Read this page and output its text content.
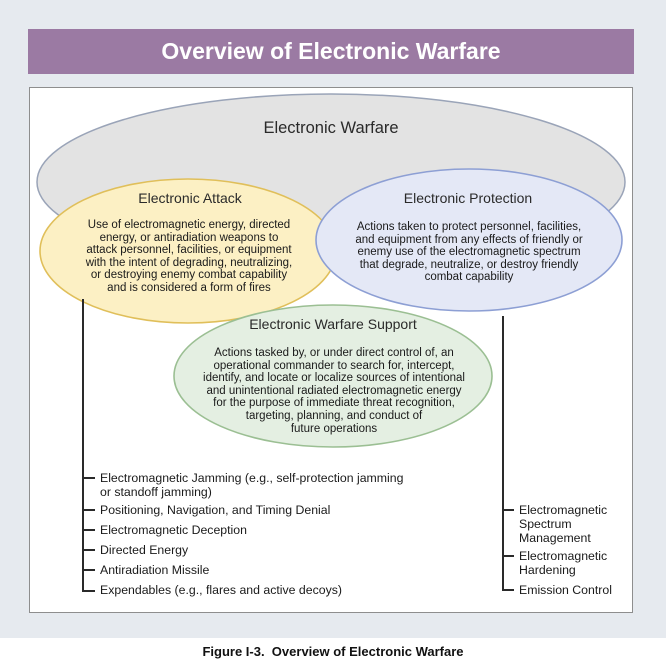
Overview of Electronic Warfare
Electronic Warfare
Electronic Attack	Electronic Protection
Electronic Warfare Support
Use of electromagnetic energy, directed
energy, or antiradiation weapons to
attack personnel, facilities, or equipment
with the intent of degrading, neutralizing,
or destroying enemy combat capability
and is considered a form of fires
Actions taken to protect personnel, facilities,
and equipment from any effects of friendly or
enemy use of the electromagnetic spectrum
that degrade, neutralize, or destroy friendly
combat capability
Actions tasked by, or under direct control of, an
operational commander to search for, intercept,
identify, and locate or localize sources of intentional
and unintentional radiated electromagnetic energy
for the purpose of immediate threat recognition,
targeting, planning, and conduct of
future operations
Electromagnetic Jamming (e.g., self-protection jamming
or standoff jamming)
Positioning, Navigation, and Timing Denial
Electromagnetic Deception
Directed Energy
Antiradiation Missile
Expendables (e.g., flares and active decoys)
Electromagnetic
Spectrum
Management
Electromagnetic
Hardening
Emission Control
Figure I-3.  Overview of Electronic Warfare
